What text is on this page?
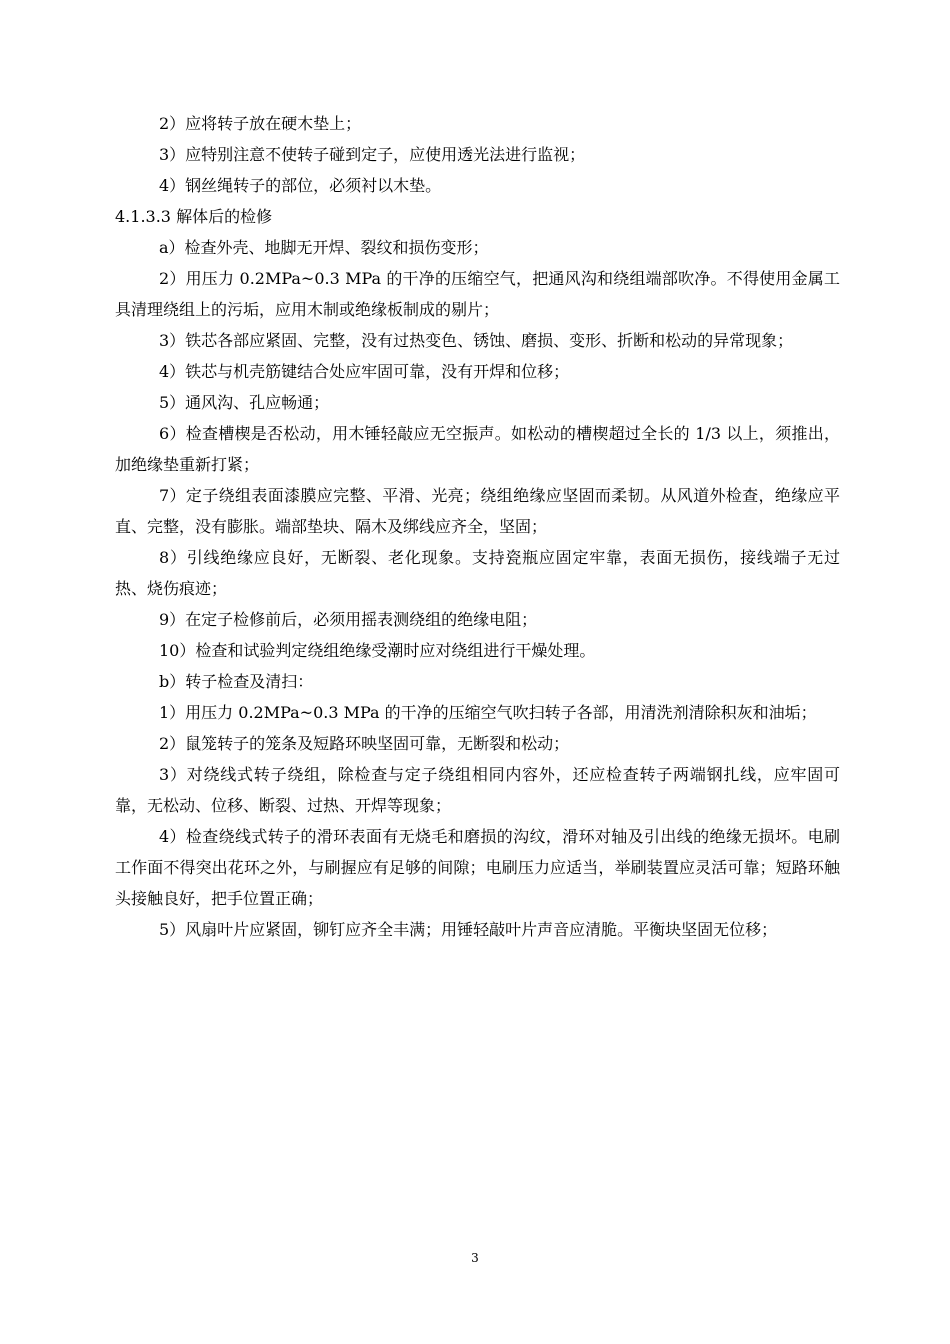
2）应将转子放在硬木垫上；

3）应特别注意不使转子碰到定子，应使用透光法进行监视；

4）钢丝绳转子的部位，必须衬以木垫。

4.1.3.3 解体后的检修

a）检查外壳、地脚无开焊、裂纹和损伤变形；

2）用压力 0.2MPa~0.3 MPa 的干净的压缩空气，把通风沟和绕组端部吹净。不得使用金属工具清理绕组上的污垢，应用木制或绝缘板制成的剔片；

3）铁芯各部应紧固、完整，没有过热变色、锈蚀、磨损、变形、折断和松动的异常现象；

4）铁芯与机壳筋键结合处应牢固可靠，没有开焊和位移；

5）通风沟、孔应畅通；

6）检查槽楔是否松动，用木锤轻敲应无空振声。如松动的槽楔超过全长的 1/3 以上，须推出，加绝缘垫重新打紧；

7）定子绕组表面漆膜应完整、平滑、光亮；绕组绝缘应坚固而柔韧。从风道外检查，绝缘应平直、完整，没有膨胀。端部垫块、隔木及绑线应齐全，坚固；

8）引线绝缘应良好，无断裂、老化现象。支持瓷瓶应固定牢靠，表面无损伤，接线端子无过热、烧伤痕迹；

9）在定子检修前后，必须用摇表测绕组的绝缘电阻；

10）检查和试验判定绕组绝缘受潮时应对绕组进行干燥处理。

b）转子检查及清扫：

1）用压力 0.2MPa~0.3 MPa 的干净的压缩空气吹扫转子各部，用清洗剂清除积灰和油垢；

2）鼠笼转子的笼条及短路环映坚固可靠，无断裂和松动；

3）对绕线式转子绕组，除检查与定子绕组相同内容外，还应检查转子两端钢扎线，应牢固可靠，无松动、位移、断裂、过热、开焊等现象；

4）检查绕线式转子的滑环表面有无烧毛和磨损的沟纹，滑环对轴及引出线的绝缘无损坏。电刷工作面不得突出花环之外，与刷握应有足够的间隙；电刷压力应适当，举刷装置应灵活可靠；短路环触头接触良好，把手位置正确；

5）风扇叶片应紧固，铆钉应齐全丰满；用锤轻敲叶片声音应清脆。平衡块坚固无位移；

3
